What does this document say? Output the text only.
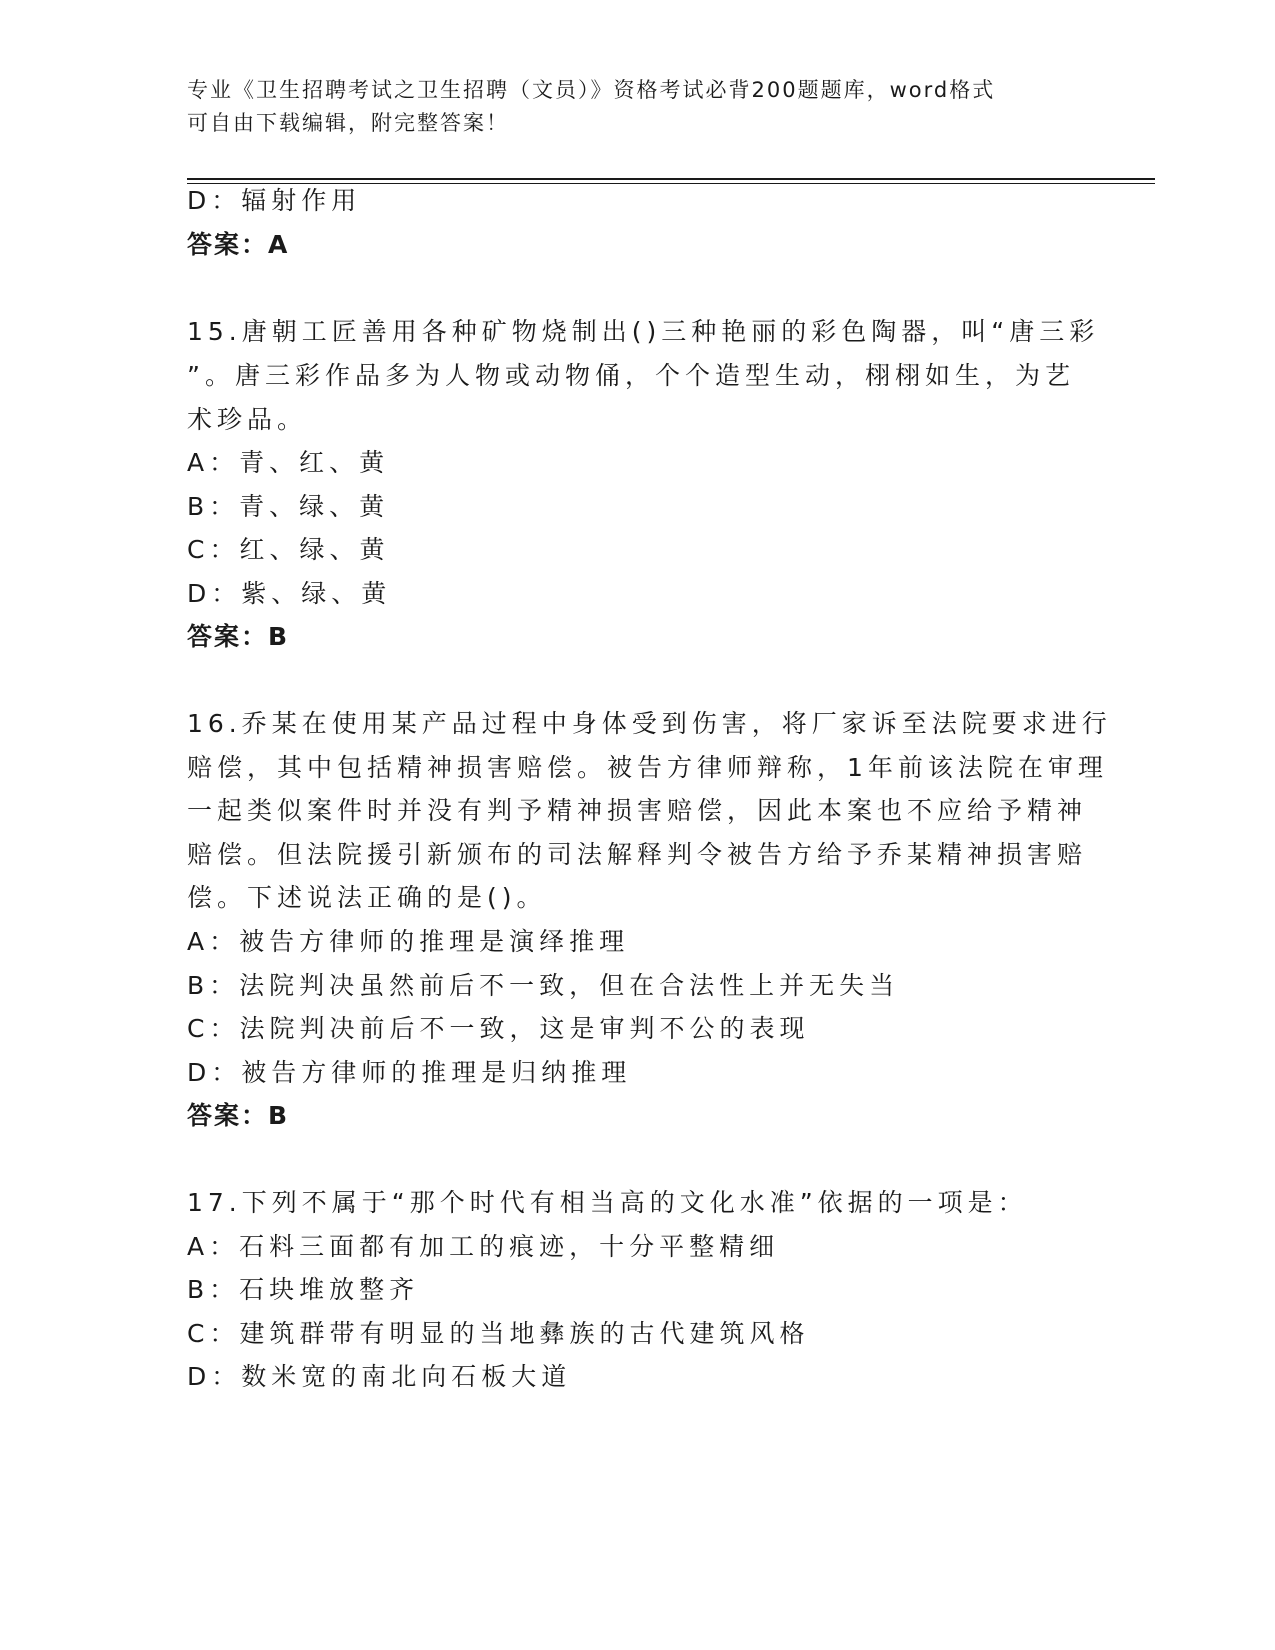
专业《卫生招聘考试之卫生招聘（文员）》资格考试必背200题题库，word格式
可自由下载编辑，附完整答案！
D：辐射作用
答案：A
15.唐朝工匠善用各种矿物烧制出()三种艳丽的彩色陶器，叫“唐三彩
”。唐三彩作品多为人物或动物俑，个个造型生动，栩栩如生，为艺
术珍品。
A：青、红、黄
B：青、绿、黄
C：红、绿、黄
D：紫、绿、黄
答案：B
16.乔某在使用某产品过程中身体受到伤害，将厂家诉至法院要求进行
赔偿，其中包括精神损害赔偿。被告方律师辩称，1年前该法院在审理
一起类似案件时并没有判予精神损害赔偿，因此本案也不应给予精神
赔偿。但法院援引新颁布的司法解释判令被告方给予乔某精神损害赔
偿。下述说法正确的是()。
A：被告方律师的推理是演绎推理
B：法院判决虽然前后不一致，但在合法性上并无失当
C：法院判决前后不一致，这是审判不公的表现
D：被告方律师的推理是归纳推理
答案：B
17.下列不属于“那个时代有相当高的文化水准”依据的一项是：
A：石料三面都有加工的痕迹，十分平整精细
B：石块堆放整齐
C：建筑群带有明显的当地彝族的古代建筑风格
D：数米宽的南北向石板大道
